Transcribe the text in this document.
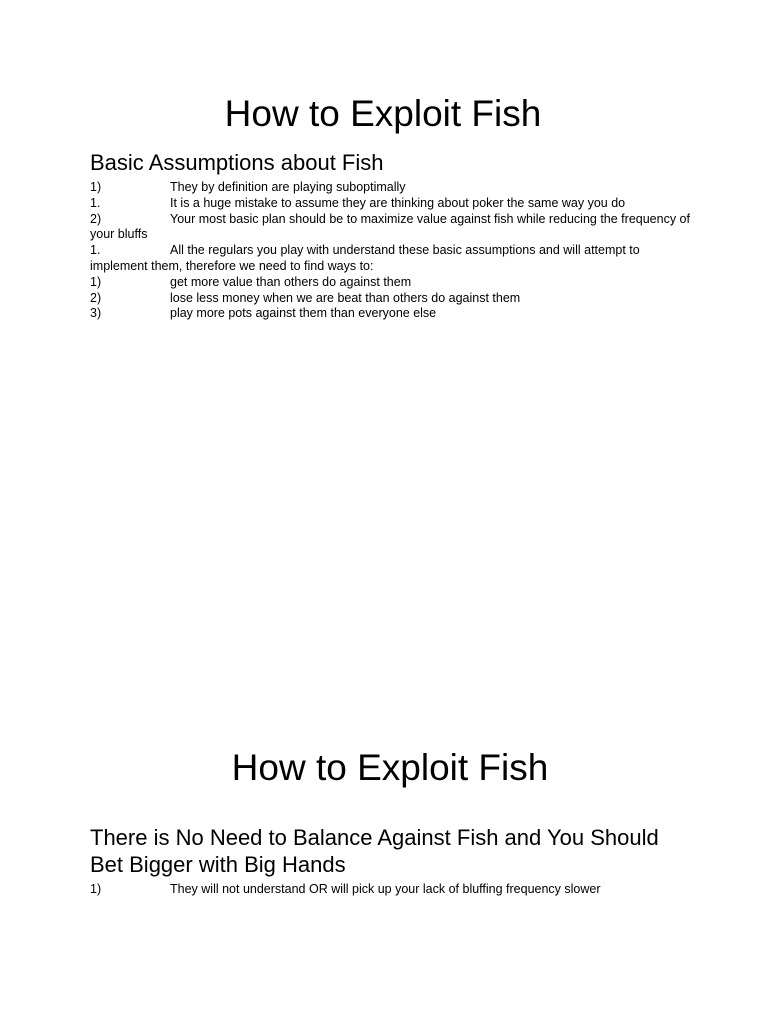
How to Exploit Fish
Basic Assumptions about Fish
1)	They by definition are playing suboptimally
1.	It is a huge mistake to assume they are thinking about poker the same way you do
2)	Your most basic plan should be to maximize value against fish while reducing the frequency of your bluffs
1.	All the regulars you play with understand these basic assumptions and will attempt to implement them, therefore we need to find ways to:
1)	get more value than others do against them
2)	lose less money when we are beat than others do against them
3)	play more pots against them than everyone else
How to Exploit Fish
There is No Need to Balance Against Fish and You Should Bet Bigger with Big Hands
1)	They will not understand OR will pick up your lack of bluffing frequency slower
